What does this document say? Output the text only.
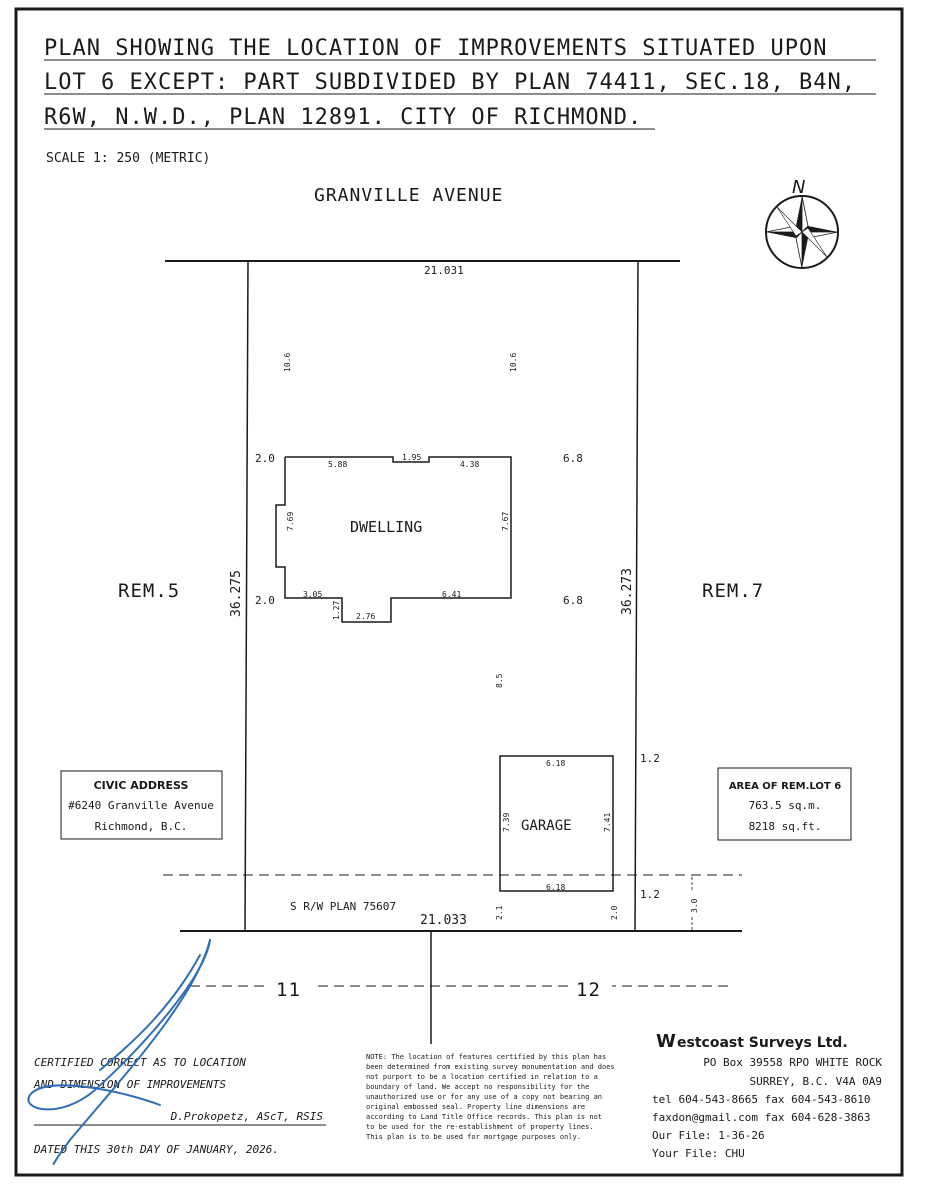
PLAN SHOWING THE LOCATION OF IMPROVEMENTS SITUATED UPON
LOT 6 EXCEPT: PART SUBDIVIDED BY PLAN 74411, SEC.18, B4N,
R6W, N.W.D., PLAN 12891. CITY OF RICHMOND.
SCALE 1: 250 (METRIC)
GRANVILLE AVENUE	N
21.031
21.033
36.275	36.273
REM.5	REM.7
11	12
DWELLING
10.6	10.6
2.0
2.0
6.8
6.8
5.88
1.95
4.38
7.69	7.67
3.05	6.41
2.76
1.27
8.5
GARAGE
6.18
6.18
7.39	7.41
1.2
1.2
2.1	2.0
S R/W PLAN 75607	3.0
CIVIC ADDRESS
#6240 Granville Avenue
Richmond, B.C.
AREA OF REM.LOT 6
763.5 sq.m.
8218 sq.ft.
CERTIFIED CORRECT AS TO LOCATION
AND DIMENSION OF IMPROVEMENTS
D.Prokopetz, AScT, RSIS
DATED THIS 30th DAY OF JANUARY, 2026.
NOTE: The location of features certified by this plan has
been determined from existing survey monumentation and does
not purport to be a location certified in relation to a
boundary of land. We accept no responsibility for the
unauthorized use or for any use of a copy not bearing an
original embossed seal. Property line dimensions are
according to Land Title Office records. This plan is not
to be used for the re-establishment of property lines.
This plan is to be used for mortgage purposes only.
W estcoast Surveys Ltd.
PO Box 39558 RPO WHITE ROCK
SURREY, B.C. V4A 0A9
tel 604-543-8665 fax 604-543-8610
faxdon@gmail.com fax 604-628-3863
Our File: 1-36-26
Your File: CHU
